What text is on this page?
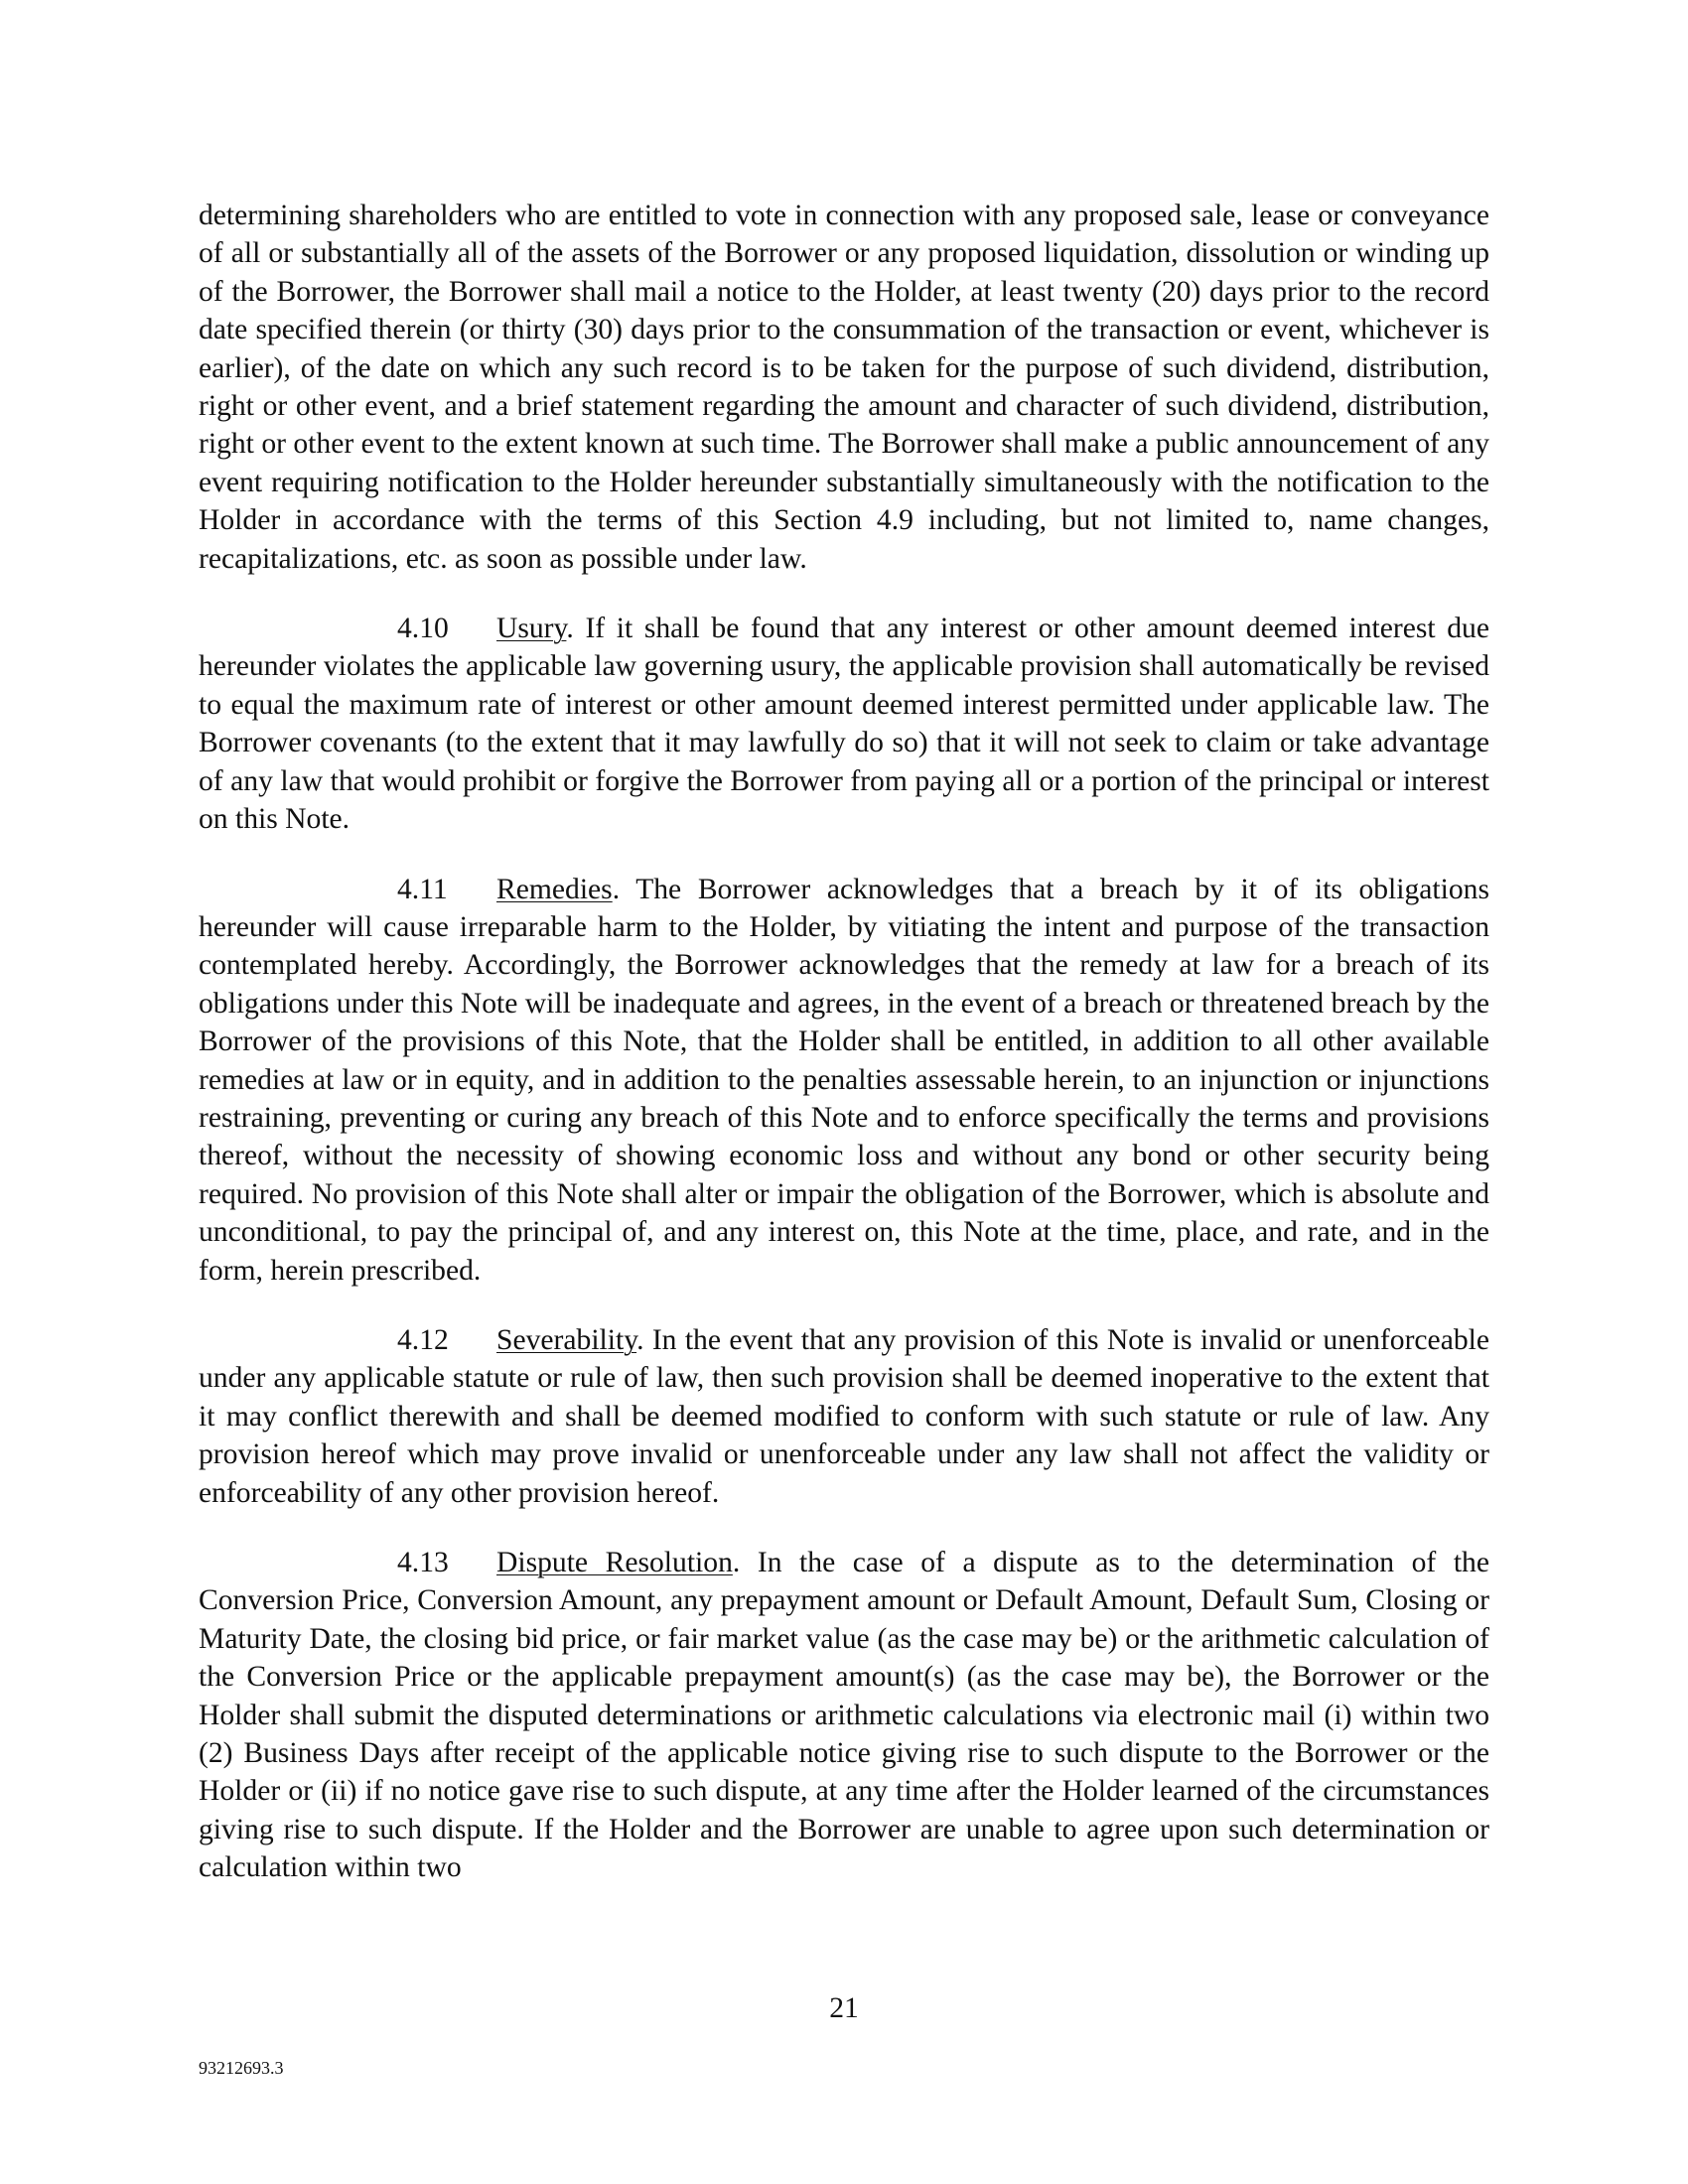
determining shareholders who are entitled to vote in connection with any proposed sale, lease or conveyance of all or substantially all of the assets of the Borrower or any proposed liquidation, dissolution or winding up of the Borrower, the Borrower shall mail a notice to the Holder, at least twenty (20) days prior to the record date specified therein (or thirty (30) days prior to the consummation of the transaction or event, whichever is earlier), of the date on which any such record is to be taken for the purpose of such dividend, distribution, right or other event, and a brief statement regarding the amount and character of such dividend, distribution, right or other event to the extent known at such time. The Borrower shall make a public announcement of any event requiring notification to the Holder hereunder substantially simultaneously with the notification to the Holder in accordance with the terms of this Section 4.9 including, but not limited to, name changes, recapitalizations, etc. as soon as possible under law.

4.10 Usury. If it shall be found that any interest or other amount deemed interest due hereunder violates the applicable law governing usury, the applicable provision shall automatically be revised to equal the maximum rate of interest or other amount deemed interest permitted under applicable law. The Borrower covenants (to the extent that it may lawfully do so) that it will not seek to claim or take advantage of any law that would prohibit or forgive the Borrower from paying all or a portion of the principal or interest on this Note.

4.11 Remedies. The Borrower acknowledges that a breach by it of its obligations hereunder will cause irreparable harm to the Holder, by vitiating the intent and purpose of the transaction contemplated hereby. Accordingly, the Borrower acknowledges that the remedy at law for a breach of its obligations under this Note will be inadequate and agrees, in the event of a breach or threatened breach by the Borrower of the provisions of this Note, that the Holder shall be entitled, in addition to all other available remedies at law or in equity, and in addition to the penalties assessable herein, to an injunction or injunctions restraining, preventing or curing any breach of this Note and to enforce specifically the terms and provisions thereof, without the necessity of showing economic loss and without any bond or other security being required. No provision of this Note shall alter or impair the obligation of the Borrower, which is absolute and unconditional, to pay the principal of, and any interest on, this Note at the time, place, and rate, and in the form, herein prescribed.

4.12 Severability. In the event that any provision of this Note is invalid or unenforceable under any applicable statute or rule of law, then such provision shall be deemed inoperative to the extent that it may conflict therewith and shall be deemed modified to conform with such statute or rule of law. Any provision hereof which may prove invalid or unenforceable under any law shall not affect the validity or enforceability of any other provision hereof.

4.13 Dispute Resolution. In the case of a dispute as to the determination of the Conversion Price, Conversion Amount, any prepayment amount or Default Amount, Default Sum, Closing or Maturity Date, the closing bid price, or fair market value (as the case may be) or the arithmetic calculation of the Conversion Price or the applicable prepayment amount(s) (as the case may be), the Borrower or the Holder shall submit the disputed determinations or arithmetic calculations via electronic mail (i) within two (2) Business Days after receipt of the applicable notice giving rise to such dispute to the Borrower or the Holder or (ii) if no notice gave rise to such dispute, at any time after the Holder learned of the circumstances giving rise to such dispute. If the Holder and the Borrower are unable to agree upon such determination or calculation within two

21
93212693.3
